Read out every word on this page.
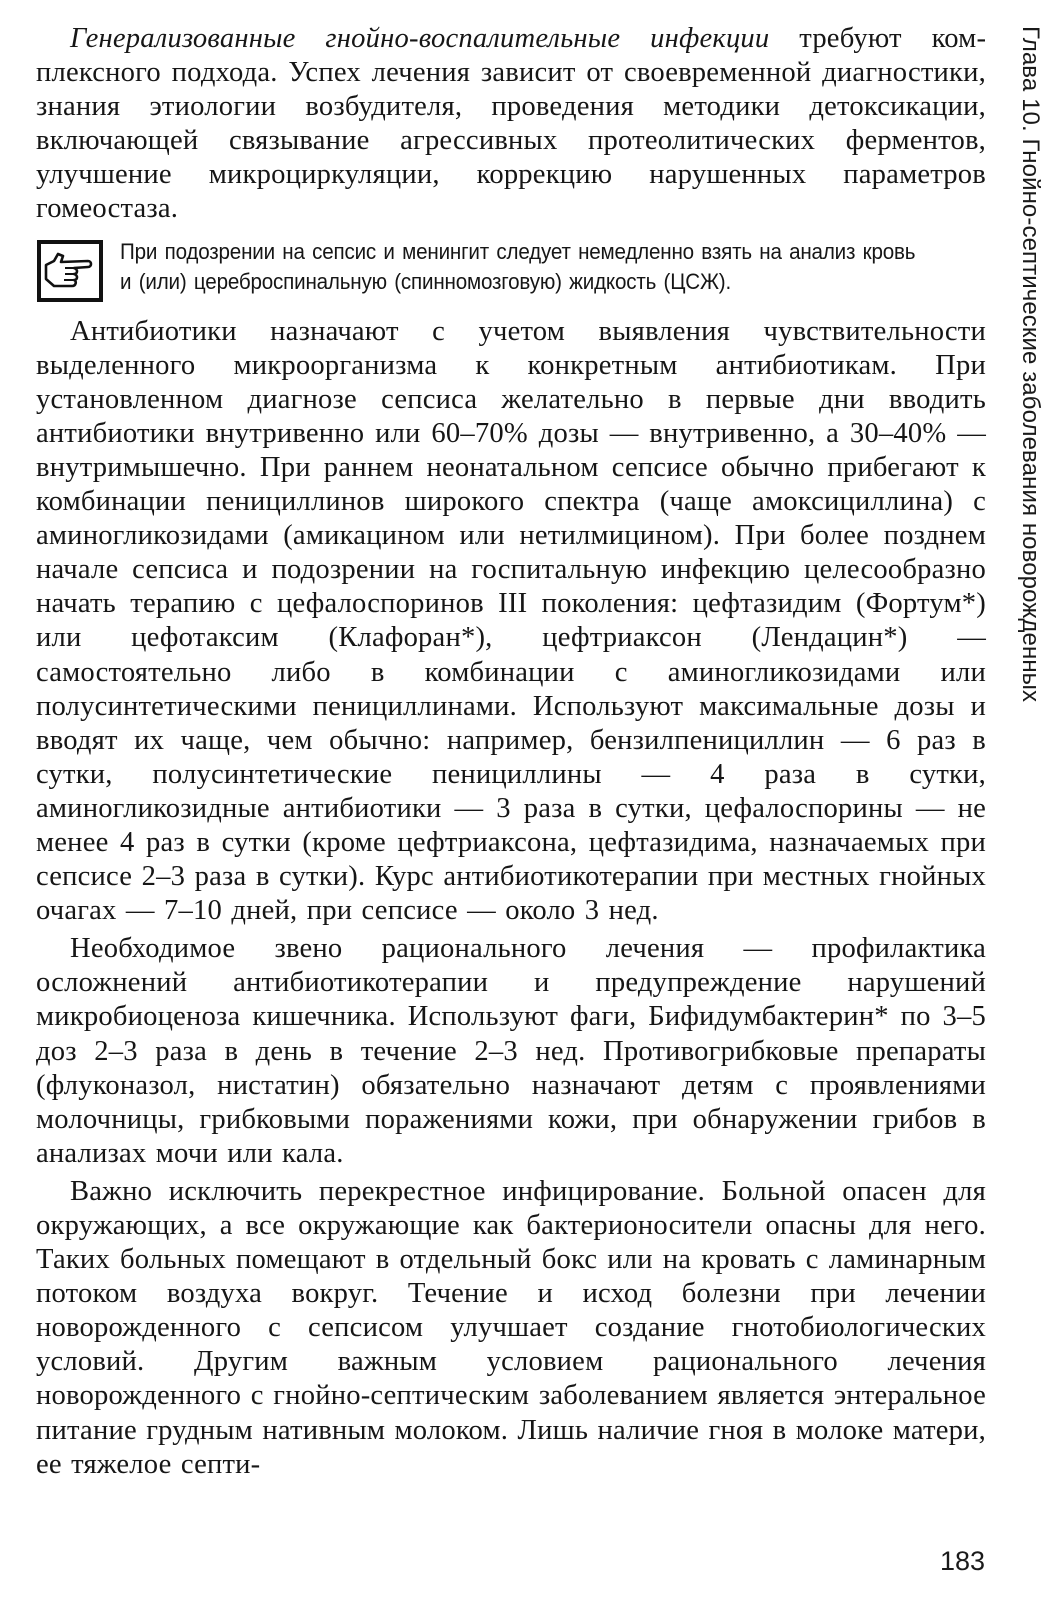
Генерализованные гнойно-воспалительные инфекции требуют комплексного подхода. Успех лечения зависит от своевременной диагностики, знания этиологии возбудителя, проведения методики детоксикации, включающей связывание агрессивных протеолитических ферментов, улучшение микроциркуляции, коррекцию нарушенных параметров гомеостаза.

При подозрении на сепсис и менингит следует немедленно взять на анализ кровь и (или) цереброспинальную (спинномозговую) жидкость (ЦСЖ).

Антибиотики назначают с учетом выявления чувствительности выделенного микроорганизма к конкретным антибиотикам. При установленном диагнозе сепсиса желательно в первые дни вводить антибиотики внутривенно или 60–70% дозы — внутривенно, а 30–40% — внутримышечно. При раннем неонатальном сепсисе обычно прибегают к комбинации пенициллинов широкого спектра (чаще амоксициллина) с аминогликозидами (амикацином или нетилмицином). При более позднем начале сепсиса и подозрении на госпитальную инфекцию целесообразно начать терапию с цефалоспоринов III поколения: цефтазидим (Фортум*) или цефотаксим (Клафоран*), цефтриаксон (Лендацин*) — самостоятельно либо в комбинации с аминогликозидами или полусинтетическими пенициллинами. Используют максимальные дозы и вводят их чаще, чем обычно: например, бензилпенициллин — 6 раз в сутки, полусинтетические пенициллины — 4 раза в сутки, аминогликозидные антибиотики — 3 раза в сутки, цефалоспорины — не менее 4 раз в сутки (кроме цефтриаксона, цефтазидима, назначаемых при сепсисе 2–3 раза в сутки). Курс антибиотикотерапии при местных гнойных очагах — 7–10 дней, при сепсисе — около 3 нед.

Необходимое звено рационального лечения — профилактика осложнений антибиотикотерапии и предупреждение нарушений микробиоценоза кишечника. Используют фаги, Бифидумбактерин* по 3–5 доз 2–3 раза в день в течение 2–3 нед. Противогрибковые препараты (флуконазол, нистатин) обязательно назначают детям с проявлениями молочницы, грибковыми поражениями кожи, при обнаружении грибов в анализах мочи или кала.

Важно исключить перекрестное инфицирование. Больной опасен для окружающих, а все окружающие как бактерионосители опасны для него. Таких больных помещают в отдельный бокс или на кровать с ламинарным потоком воздуха вокруг. Течение и исход болезни при лечении новорожденного с сепсисом улучшает создание гнотобиологических условий. Другим важным условием рационального лечения новорожденного с гнойно-септическим заболеванием является энтеральное питание грудным нативным молоком. Лишь наличие гноя в молоке матери, ее тяжелое септи-

Глава 10. Гнойно-септические заболевания новорожденных
183
